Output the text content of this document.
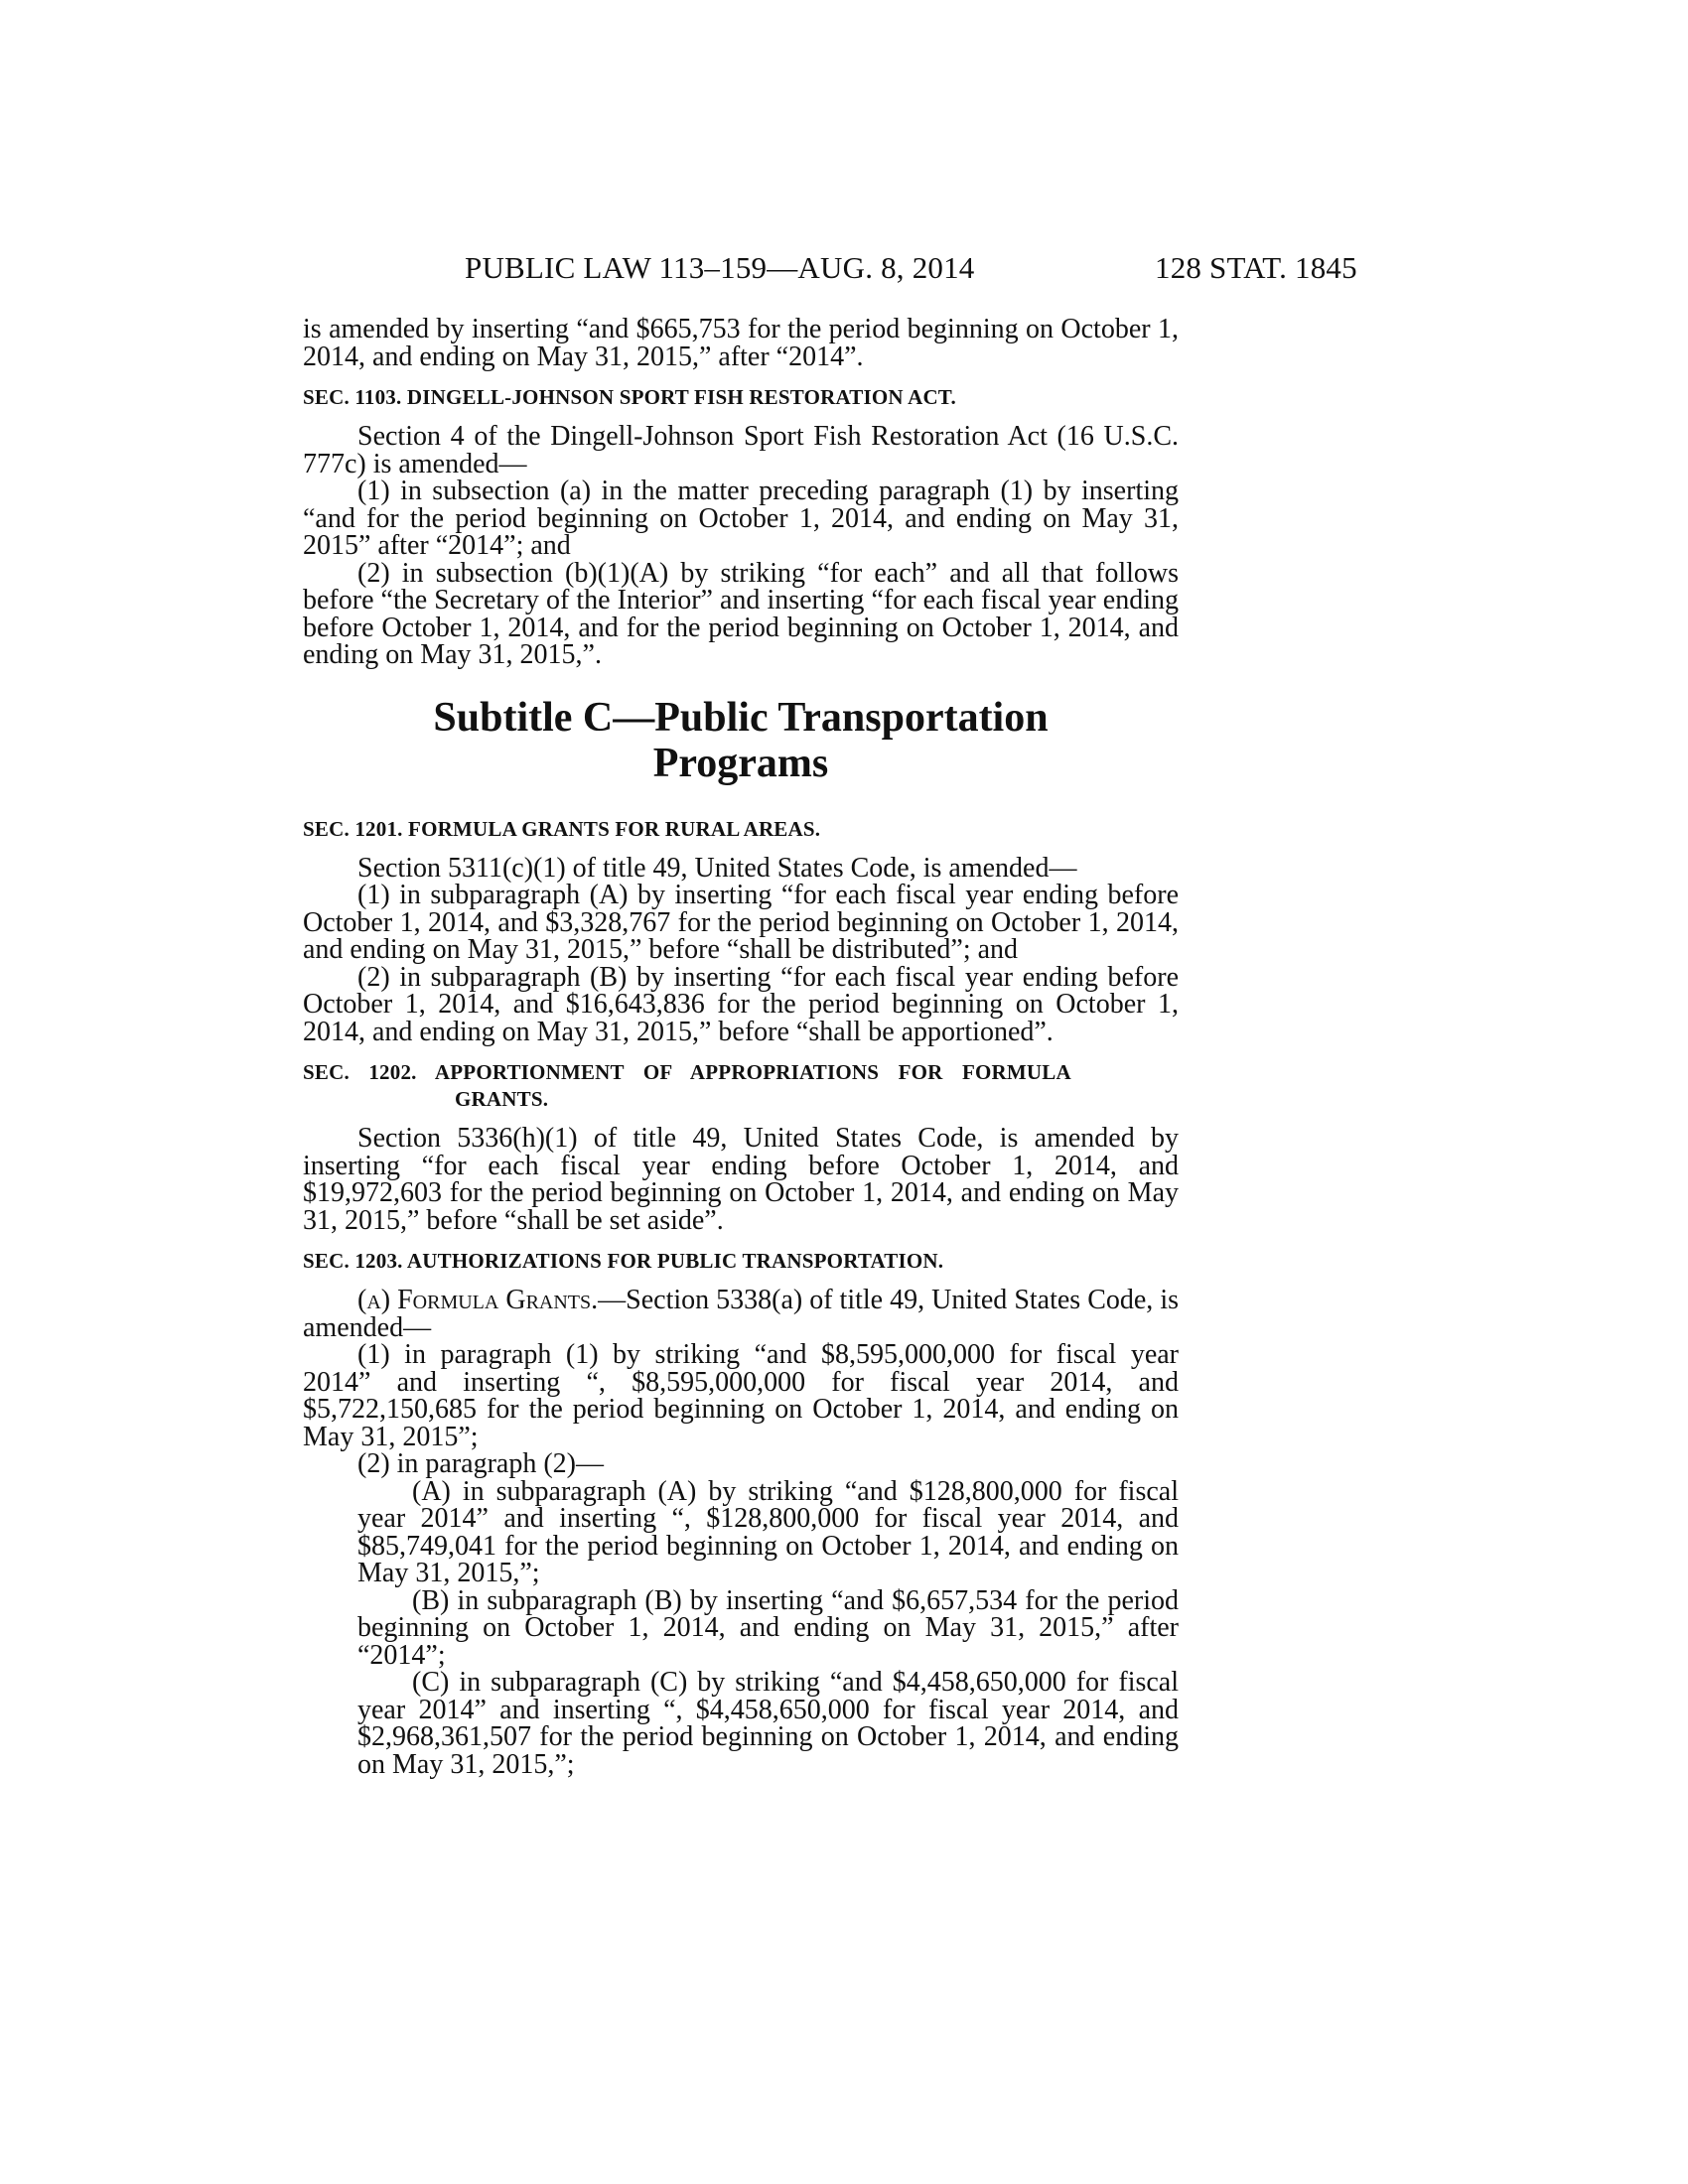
PUBLIC LAW 113–159—AUG. 8, 2014	128 STAT. 1845

is amended by inserting “and $665,753 for the period beginning on October 1, 2014, and ending on May 31, 2015,” after “2014”.

SEC. 1103. DINGELL-JOHNSON SPORT FISH RESTORATION ACT.

Section 4 of the Dingell-Johnson Sport Fish Restoration Act (16 U.S.C. 777c) is amended—

(1) in subsection (a) in the matter preceding paragraph (1) by inserting “and for the period beginning on October 1, 2014, and ending on May 31, 2015” after “2014”; and

(2) in subsection (b)(1)(A) by striking “for each” and all that follows before “the Secretary of the Interior” and inserting “for each fiscal year ending before October 1, 2014, and for the period beginning on October 1, 2014, and ending on May 31, 2015,”.

Subtitle C—Public Transportation
Programs
SEC. 1201. FORMULA GRANTS FOR RURAL AREAS.

Section 5311(c)(1) of title 49, United States Code, is amended—

(1) in subparagraph (A) by inserting “for each fiscal year ending before October 1, 2014, and $3,328,767 for the period beginning on October 1, 2014, and ending on May 31, 2015,” before “shall be distributed”; and

(2) in subparagraph (B) by inserting “for each fiscal year ending before October 1, 2014, and $16,643,836 for the period beginning on October 1, 2014, and ending on May 31, 2015,” before “shall be apportioned”.

SEC. 1202. APPORTIONMENT OF APPROPRIATIONS FOR FORMULA GRANTS.

Section 5336(h)(1) of title 49, United States Code, is amended by inserting “for each fiscal year ending before October 1, 2014, and $19,972,603 for the period beginning on October 1, 2014, and ending on May 31, 2015,” before “shall be set aside”.

SEC. 1203. AUTHORIZATIONS FOR PUBLIC TRANSPORTATION.

(a) Formula Grants.—Section 5338(a) of title 49, United States Code, is amended—

(1) in paragraph (1) by striking “and $8,595,000,000 for fiscal year 2014” and inserting “, $8,595,000,000 for fiscal year 2014, and $5,722,150,685 for the period beginning on October 1, 2014, and ending on May 31, 2015”;

(2) in paragraph (2)—

(A) in subparagraph (A) by striking “and $128,800,000 for fiscal year 2014” and inserting “, $128,800,000 for fiscal year 2014, and $85,749,041 for the period beginning on October 1, 2014, and ending on May 31, 2015,”;

(B) in subparagraph (B) by inserting “and $6,657,534 for the period beginning on October 1, 2014, and ending on May 31, 2015,” after “2014”;

(C) in subparagraph (C) by striking “and $4,458,650,000 for fiscal year 2014” and inserting “, $4,458,650,000 for fiscal year 2014, and $2,968,361,507 for the period beginning on October 1, 2014, and ending on May 31, 2015,”;
